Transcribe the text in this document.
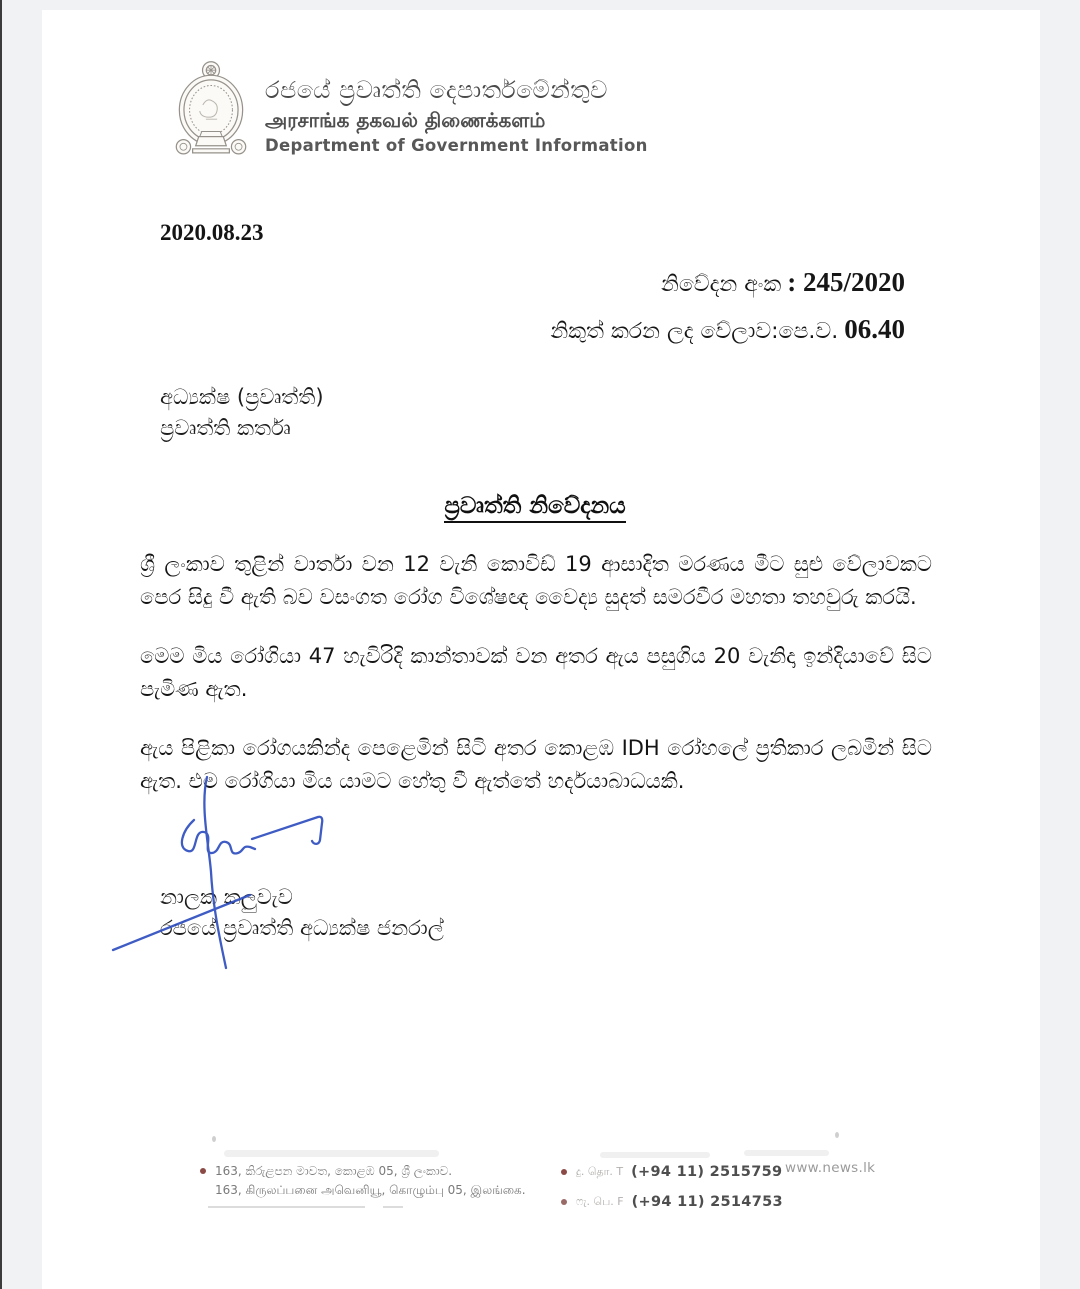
රජයේ ප්‍රවෘත්ති දෙපාර්තමේන්තුව
அரசாங்க தகவல் திணைக்களம்
Department of Government Information
2020.08.23
නිවේදන අංක : 245/2020
නිකුත් කරන ලද වේලාව:පෙ.ව. 06.40
අධ්‍යක්ෂ (ප්‍රවෘත්ති)
ප්‍රවෘත්ති කර්තෘ
ප්‍රවෘත්ති නිවේදනය

ශ්‍රී ලංකාව තුළින් වාර්තා වන 12 වැනි කොවිඩ් 19 ආසාදිත මරණය මීට සුළු වේලාවකට පෙර සිදු වී ඇති බව වසංගත රෝග විශේෂඥ වෛද්‍ය සුදත් සමරවීර මහතා තහවුරු කරයි.

මෙම මිය රෝගියා 47 හැවිරිදි කාන්තාවක් වන අතර ඇය පසුගිය 20 වැනිදා ඉන්දියාවේ සිට පැමිණ ඇත.

ඇය පිළිකා රෝගයකින්ද පෙළෙමින් සිටි අතර කොළඹ IDH රෝහලේ ප්‍රතිකාර ලබමින් සිට ඇත. එම රෝගියා මිය යාමට හේතු වී ඇත්තේ හර්දයාබාධයකි.

නාලක කලුවැව
රජයේ ප්‍රවෘත්ති අධ්‍යක්ෂ ජනරාල්
163, කිරුළපන මාවත, කොළඹ 05, ශ්‍රී ලංකාව.
163, கிருலப்பனை அவெனியூ, கொழும்பு 05, இலங்கை.
දු. தொ. T (+94 11) 2515759
ෆැ. பெ. F (+94 11) 2514753
www.news.lk
